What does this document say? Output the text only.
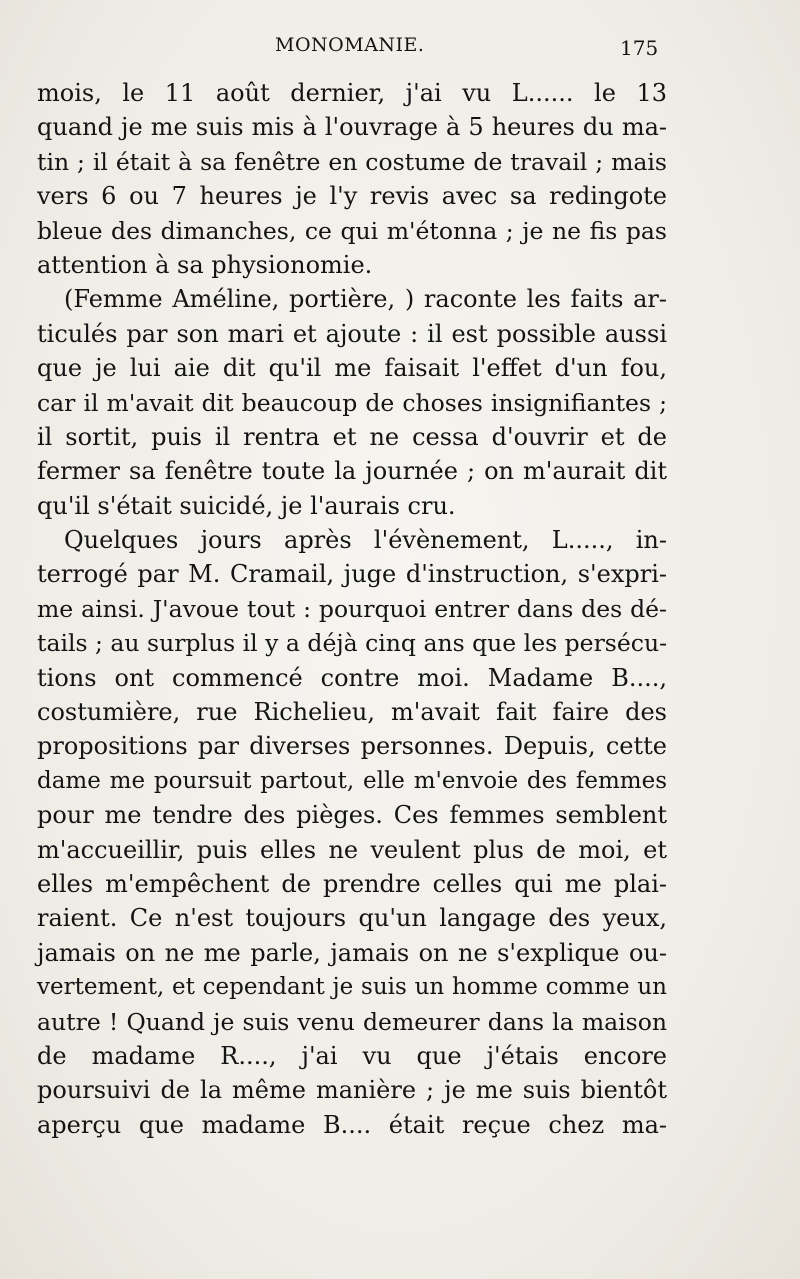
MONOMANIE.	175
mois, le 11 août dernier, j'ai vu L...... le 13
quand je me suis mis à l'ouvrage à 5 heures du ma-
tin ; il était à sa fenêtre en costume de travail ; mais
vers 6 ou 7 heures je l'y revis avec sa redingote
bleue des dimanches, ce qui m'étonna ; je ne fis pas
attention à sa physionomie.
(Femme Améline, portière, ) raconte les faits ar-
ticulés par son mari et ajoute : il est possible aussi
que je lui aie dit qu'il me faisait l'effet d'un fou,
car il m'avait dit beaucoup de choses insignifiantes ;
il sortit, puis il rentra et ne cessa d'ouvrir et de
fermer sa fenêtre toute la journée ; on m'aurait dit
qu'il s'était suicidé, je l'aurais cru.
Quelques jours après l'évènement, L....., in-
terrogé par M. Cramail, juge d'instruction, s'expri-
me ainsi. J'avoue tout : pourquoi entrer dans des dé-
tails ; au surplus il y a déjà cinq ans que les persécu-
tions ont commencé contre moi. Madame B....,
costumière, rue Richelieu, m'avait fait faire des
propositions par diverses personnes. Depuis, cette
dame me poursuit partout, elle m'envoie des femmes
pour me tendre des pièges. Ces femmes semblent
m'accueillir, puis elles ne veulent plus de moi, et
elles m'empêchent de prendre celles qui me plai-
raient. Ce n'est toujours qu'un langage des yeux,
jamais on ne me parle, jamais on ne s'explique ou-
vertement, et cependant je suis un homme comme un
autre ! Quand je suis venu demeurer dans la maison
de madame R...., j'ai vu que j'étais encore
poursuivi de la même manière ; je me suis bientôt
aperçu que madame B.... était reçue chez ma-
